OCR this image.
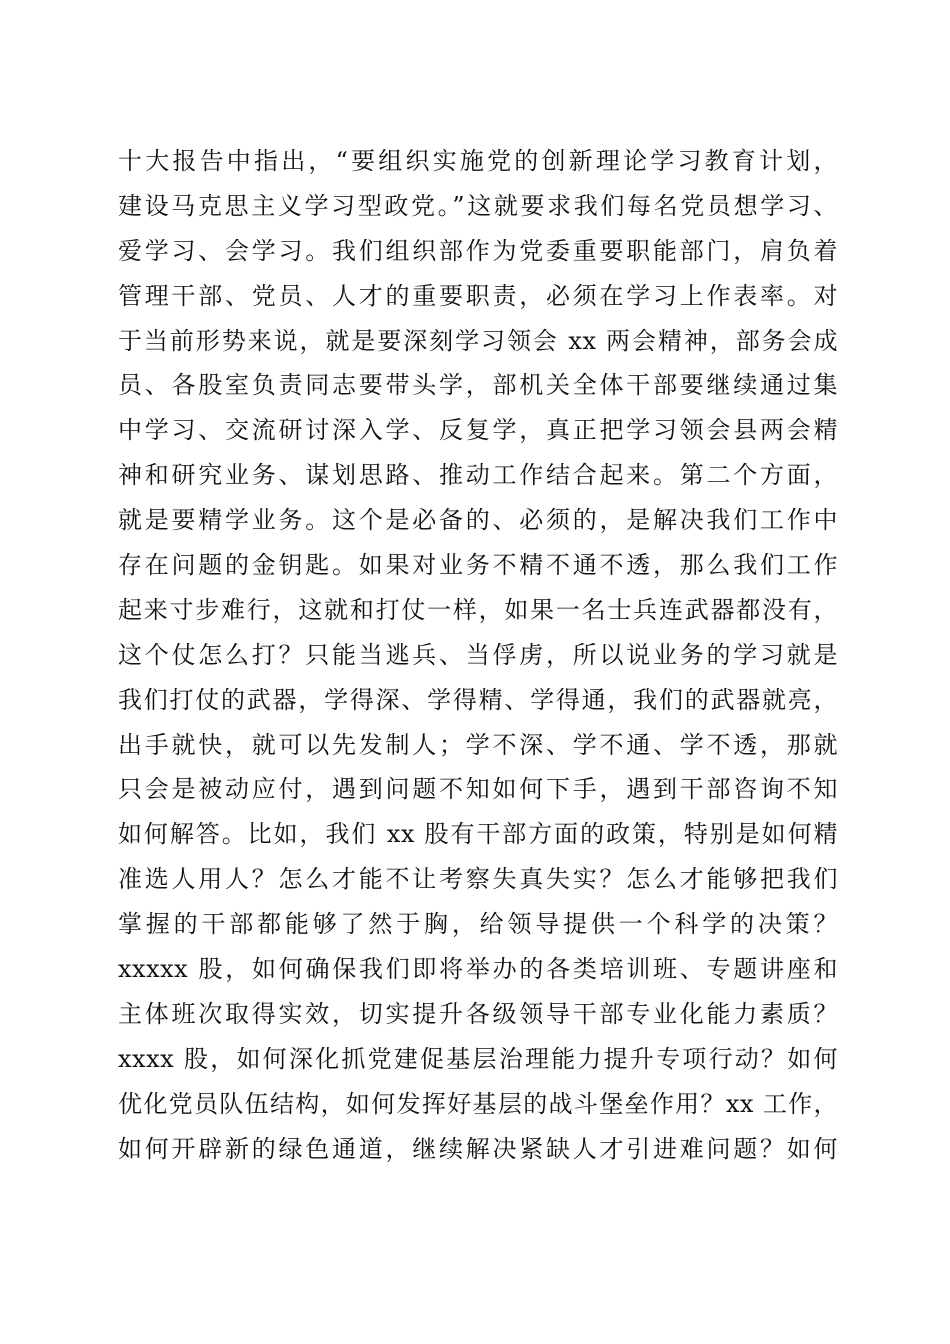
十大报告中指出，“要组织实施党的创新理论学习教育计划，
建设马克思主义学习型政党。”这就要求我们每名党员想学习、
爱学习、会学习。我们组织部作为党委重要职能部门，肩负着
管理干部、党员、人才的重要职责，必须在学习上作表率。对
于当前形势来说，就是要深刻学习领会 xx 两会精神，部务会成
员、各股室负责同志要带头学，部机关全体干部要继续通过集
中学习、交流研讨深入学、反复学，真正把学习领会县两会精
神和研究业务、谋划思路、推动工作结合起来。第二个方面，
就是要精学业务。这个是必备的、必须的，是解决我们工作中
存在问题的金钥匙。如果对业务不精不通不透，那么我们工作
起来寸步难行，这就和打仗一样，如果一名士兵连武器都没有，
这个仗怎么打？只能当逃兵、当俘虏，所以说业务的学习就是
我们打仗的武器，学得深、学得精、学得通，我们的武器就亮，
出手就快，就可以先发制人；学不深、学不通、学不透，那就
只会是被动应付，遇到问题不知如何下手，遇到干部咨询不知
如何解答。比如，我们 xx 股有干部方面的政策，特别是如何精
准选人用人？怎么才能不让考察失真失实？怎么才能够把我们
掌握的干部都能够了然于胸，给领导提供一个科学的决策？
xxxxx 股，如何确保我们即将举办的各类培训班、专题讲座和
主体班次取得实效，切实提升各级领导干部专业化能力素质？
xxxx 股，如何深化抓党建促基层治理能力提升专项行动？如何
优化党员队伍结构，如何发挥好基层的战斗堡垒作用？xx 工作，
如何开辟新的绿色通道，继续解决紧缺人才引进难问题？如何
